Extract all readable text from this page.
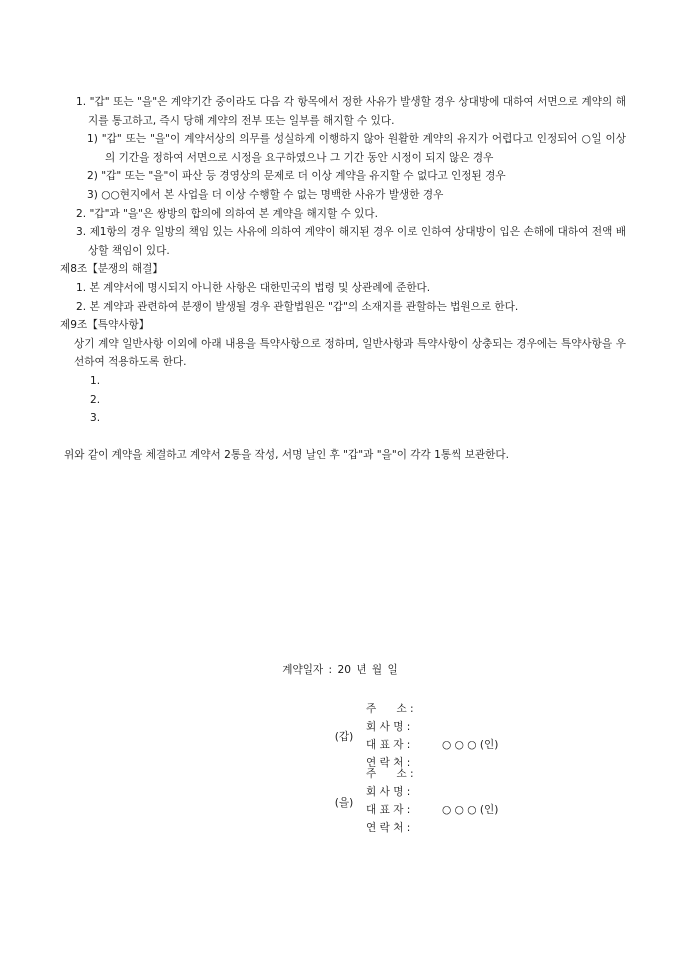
1. "갑" 또는 "을"은 계약기간 중이라도 다음 각 항목에서 정한 사유가 발생할 경우 상대방에 대하여 서면으로 계약의 해지를 통고하고, 즉시 당해 계약의 전부 또는 일부를 해지할 수 있다.
1) "갑" 또는 "을"이 계약서상의 의무를 성실하게 이행하지 않아 원활한 계약의 유지가 어렵다고 인정되어 ○일 이상의 기간을 정하여 서면으로 시정을 요구하였으나 그 기간 동안 시정이 되지 않은 경우
2) "갑" 또는 "을"이 파산 등 경영상의 문제로 더 이상 계약을 유지할 수 없다고 인정된 경우
3) ○○현지에서 본 사업을 더 이상 수행할 수 없는 명백한 사유가 발생한 경우
2. "갑"과 "을"은 쌍방의 합의에 의하여 본 계약을 해지할 수 있다.
3. 제1항의 경우 일방의 책임 있는 사유에 의하여 계약이 해지된 경우 이로 인하여 상대방이 입은 손해에 대하여 전액 배상할 책임이 있다.
제8조【분쟁의 해결】
1. 본 계약서에 명시되지 아니한 사항은 대한민국의 법령 및 상관례에 준한다.
2. 본 계약과 관련하여 분쟁이 발생될 경우 관할법원은 "갑"의 소재지를 관할하는 법원으로 한다.
제9조【특약사항】
상기 계약 일반사항 이외에 아래 내용을 특약사항으로 정하며, 일반사항과 특약사항이 상충되는 경우에는 특약사항을 우선하여 적용하도록 한다.
1.
2.
3.
위와 같이 계약을 체결하고 계약서 2통을 작성, 서명 날인 후 "갑"과 "을"이 각각 1통씩 보관한다.
계약일자 : 20 년 월 일
(갑)
주      소 :
회 사 명 :
대 표 자 :	○ ○ ○ (인)
연 락 처 :
(을)
주      소 :
회 사 명 :
대 표 자 :	○ ○ ○ (인)
연 락 처 :
